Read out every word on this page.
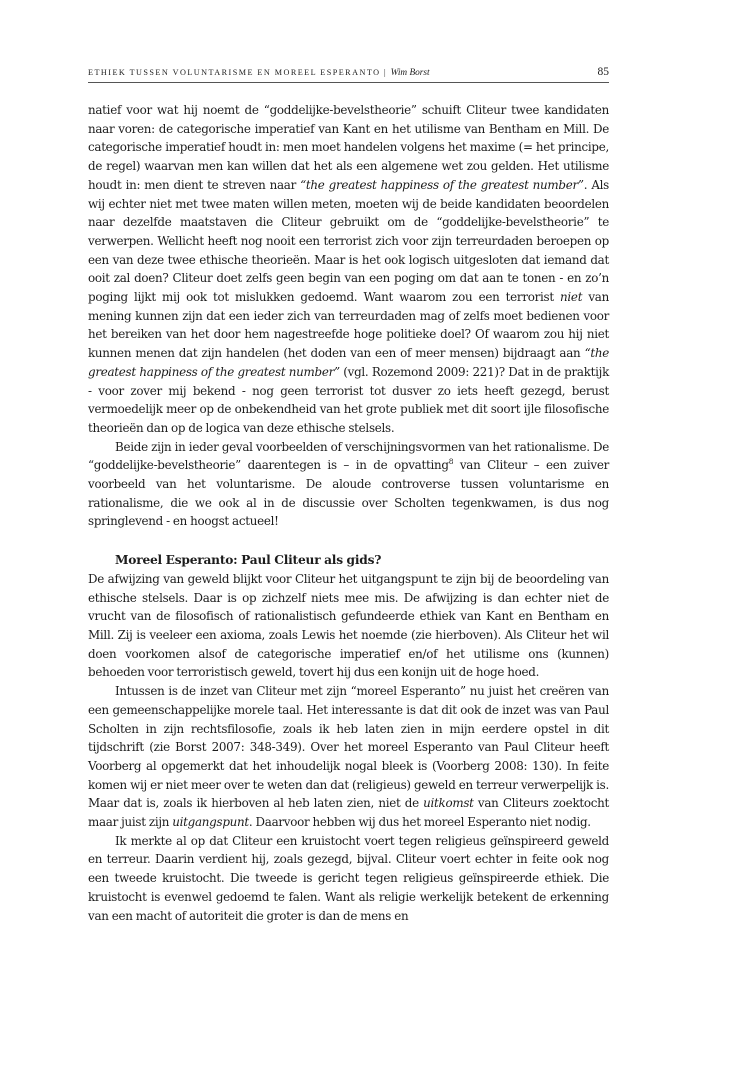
ETHIEK TUSSEN VOLUNTARISME EN MOREEL ESPERANTO | Wim Borst	85

natief voor wat hij noemt de “goddelijke-bevelstheorie” schuift Cliteur twee kandidaten naar voren: de categorische imperatief van Kant en het utilisme van Bentham en Mill. De categorische imperatief houdt in: men moet handelen volgens het maxime (= het principe, de regel) waarvan men kan willen dat het als een algemene wet zou gelden. Het utilisme houdt in: men dient te streven naar “the greatest happiness of the greatest number”. Als wij echter niet met twee maten willen meten, moeten wij de beide kandidaten beoordelen naar dezelfde maatstaven die Cliteur gebruikt om de “goddelijke-bevelstheorie” te verwerpen. Wellicht heeft nog nooit een terrorist zich voor zijn terreurdaden beroepen op een van deze twee ethische theorieën. Maar is het ook logisch uitgesloten dat iemand dat ooit zal doen? Cliteur doet zelfs geen begin van een poging om dat aan te tonen - en zo’n poging lijkt mij ook tot mislukken gedoemd. Want waarom zou een terrorist niet van mening kunnen zijn dat een ieder zich van terreurdaden mag of zelfs moet bedienen voor het bereiken van het door hem nagestreefde hoge politieke doel? Of waarom zou hij niet kunnen menen dat zijn handelen (het doden van een of meer mensen) bijdraagt aan “the greatest happiness of the greatest number” (vgl. Rozemond 2009: 221)? Dat in de praktijk - voor zover mij bekend - nog geen terrorist tot dusver zo iets heeft gezegd, berust vermoedelijk meer op de onbekendheid van het grote publiek met dit soort ijle filosofische theorieën dan op de logica van deze ethische stelsels.

Beide zijn in ieder geval voorbeelden of verschijningsvormen van het rationalisme. De “goddelijke-bevelstheorie” daarentegen is – in de opvatting$^8$ van Cliteur – een zuiver voorbeeld van het voluntarisme. De aloude controverse tussen voluntarisme en rationalisme, die we ook al in de discussie over Scholten tegenkwamen, is dus nog springlevend - en hoogst actueel!

Moreel Esperanto: Paul Cliteur als gids?

De afwijzing van geweld blijkt voor Cliteur het uitgangspunt te zijn bij de beoordeling van ethische stelsels. Daar is op zichzelf niets mee mis. De afwijzing is dan echter niet de vrucht van de filosofisch of rationalistisch gefundeerde ethiek van Kant en Bentham en Mill. Zij is veeleer een axioma, zoals Lewis het noemde (zie hierboven). Als Cliteur het wil doen voorkomen alsof de categorische imperatief en/of het utilisme ons (kunnen) behoeden voor terroristisch geweld, tovert hij dus een konijn uit de hoge hoed.

Intussen is de inzet van Cliteur met zijn “moreel Esperanto” nu juist het creëren van een gemeenschappelijke morele taal. Het interessante is dat dit ook de inzet was van Paul Scholten in zijn rechtsfilosofie, zoals ik heb laten zien in mijn eerdere opstel in dit tijdschrift (zie Borst 2007: 348-349). Over het moreel Esperanto van Paul Cliteur heeft Voorberg al opgemerkt dat het inhoudelijk nogal bleek is (Voorberg 2008: 130). In feite komen wij er niet meer over te weten dan dat (religieus) geweld en terreur verwerpelijk is. Maar dat is, zoals ik hierboven al heb laten zien, niet de uitkomst van Cliteurs zoektocht maar juist zijn uitgangspunt. Daarvoor hebben wij dus het moreel Esperanto niet nodig.

Ik merkte al op dat Cliteur een kruistocht voert tegen religieus geïnspireerd geweld en terreur. Daarin verdient hij, zoals gezegd, bijval. Cliteur voert echter in feite ook nog een tweede kruistocht. Die tweede is gericht tegen religieus geïnspireerde ethiek. Die kruistocht is evenwel gedoemd te falen. Want als religie werkelijk betekent de erkenning van een macht of autoriteit die groter is dan de mens en
